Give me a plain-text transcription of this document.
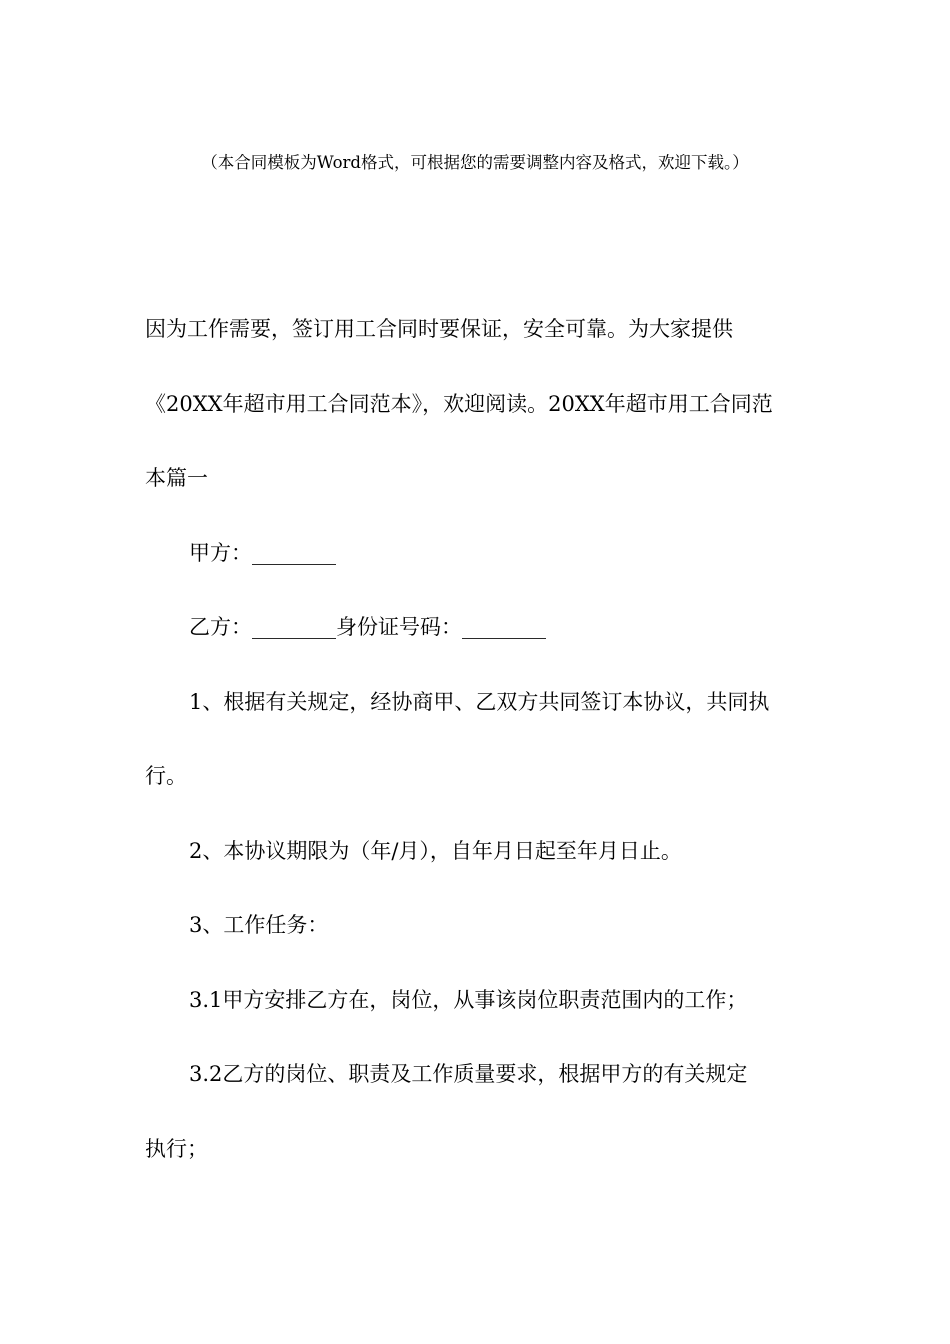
（本合同模板为Word格式，可根据您的需要调整内容及格式，欢迎下载。）
因为工作需要，签订用工合同时要保证，安全可靠。为大家提供
《20XX年超市用工合同范本》，欢迎阅读。20XX年超市用工合同范
本篇一
甲方：________
乙方：________身份证号码：________
1、根据有关规定，经协商甲、乙双方共同签订本协议，共同执
行。
2、本协议期限为（年/月），自年月日起至年月日止。
3、工作任务：
3.1甲方安排乙方在，岗位，从事该岗位职责范围内的工作；
3.2乙方的岗位、职责及工作质量要求，根据甲方的有关规定
执行；
